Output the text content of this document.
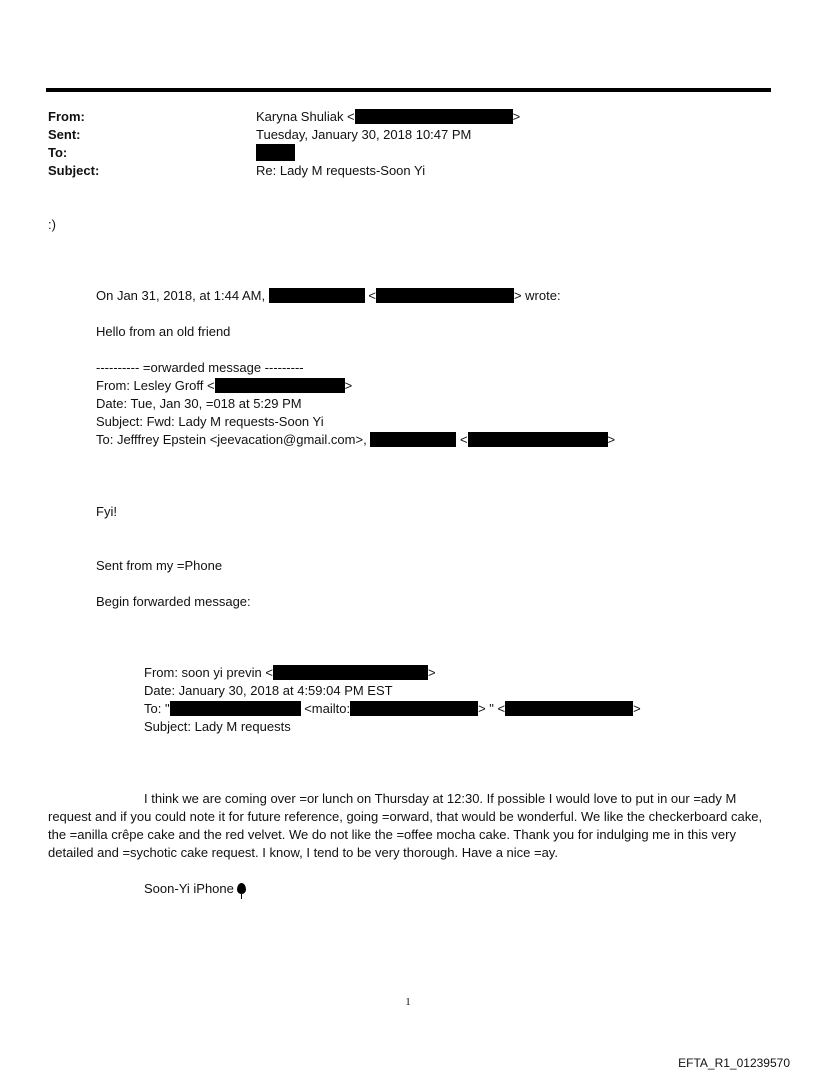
From:	Karyna Shuliak <	>
Sent:	Tuesday, January 30, 2018 10:47 PM
To:
Subject:	Re: Lady M requests-Soon Yi
:)
On Jan 31, 2018, at 1:44 AM,	<	> wrote:
Hello from an old friend
---------- =orwarded message ---------
From: Lesley Groff <	>
Date: Tue, Jan 30, =018 at 5:29 PM
Subject: Fwd: Lady M requests-Soon Yi
To: Jefffrey Epstein <jeevacation@gmail.com>,	<	>
Fyi!
Sent from my =Phone
Begin forwarded message:
From: soon yi previn <	>
Date: January 30, 2018 at 4:59:04 PM EST
To: "	<mailto:	> " <	>
Subject: Lady M requests
I think we are coming over =or lunch on Thursday at 12:30. If possible I would love to put in our =ady M request and if you could note it for future reference, going =orward, that would be wonderful. We like the checkerboard cake, the =anilla crêpe cake and the red velvet. We do not like the =offee mocha cake. Thank you for indulging me in this very detailed and =sychotic cake request. I know, I tend to be very thorough. Have a nice =ay.
Soon-Yi iPhone
1
EFTA_R1_01239570
